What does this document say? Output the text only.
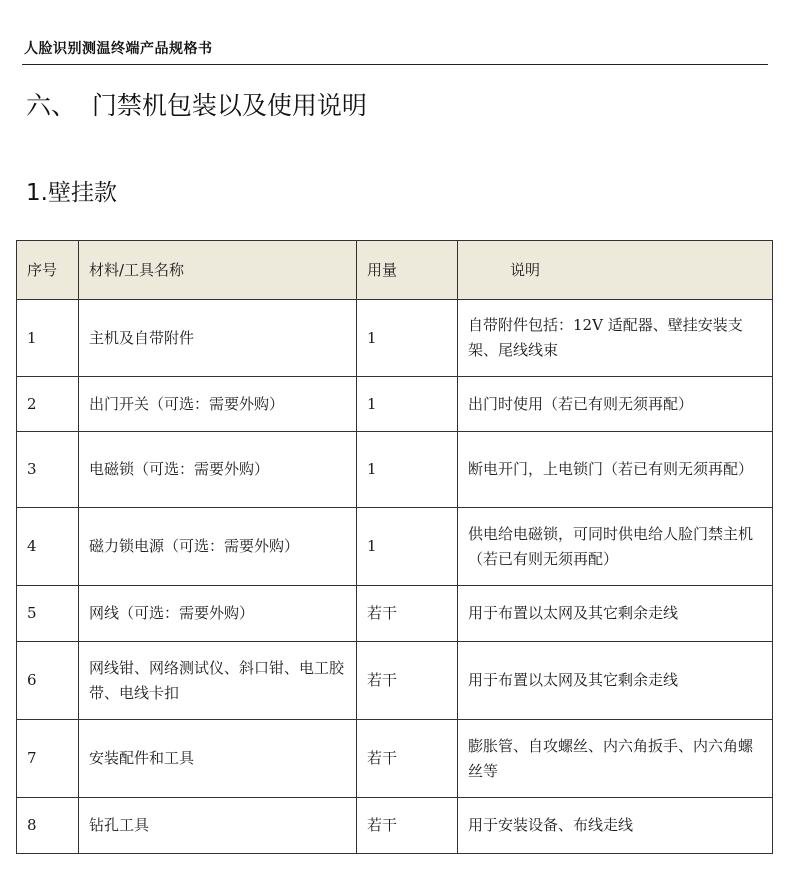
人脸识别测温终端产品规格书
六、  门禁机包装以及使用说明
1.壁挂款
序号	材料/工具名称	用量	说明
1	主机及自带附件	1	自带附件包括：12V 适配器、壁挂安装支架、尾线线束
2	出门开关（可选：需要外购）	1	出门时使用（若已有则无须再配）
3	电磁锁（可选：需要外购）	1	断电开门，上电锁门（若已有则无须再配）
4	磁力锁电源（可选：需要外购）	1	供电给电磁锁，可同时供电给人脸门禁主机　（若已有则无须再配）
5	网线（可选：需要外购）	若干	用于布置以太网及其它剩余走线
6	网线钳、网络测试仪、斜口钳、电工胶带、电线卡扣	若干	用于布置以太网及其它剩余走线
7	安装配件和工具	若干	膨胀管、自攻螺丝、内六角扳手、内六角螺丝等
8	钻孔工具	若干	用于安装设备、布线走线
